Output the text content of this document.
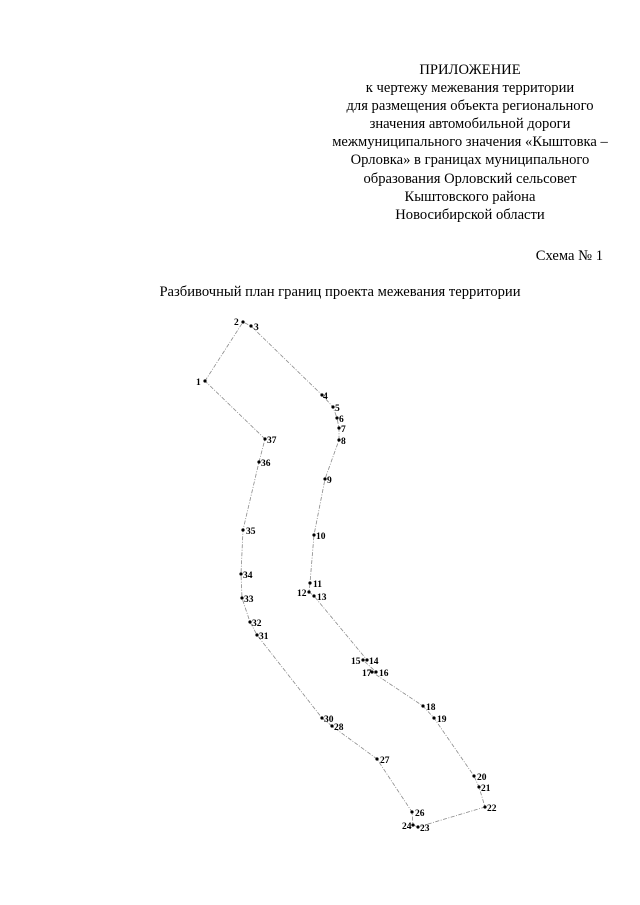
ПРИЛОЖЕНИЕ
к чертежу межевания территории
для размещения объекта регионального
значения автомобильной дороги
межмуниципального значения «Кыштовка –
Орловка» в границах муниципального
образования Орловский сельсовет
Кыштовского района
Новосибирской области
Схема № 1
Разбивочный план границ проекта межевания территории
1
2 3
4
5
6
7
8
9
10
11
12 13
14
15
16
17
18
19
20
21
22
23
24
26
27
28
30
31
32
33
34
35
36
37
